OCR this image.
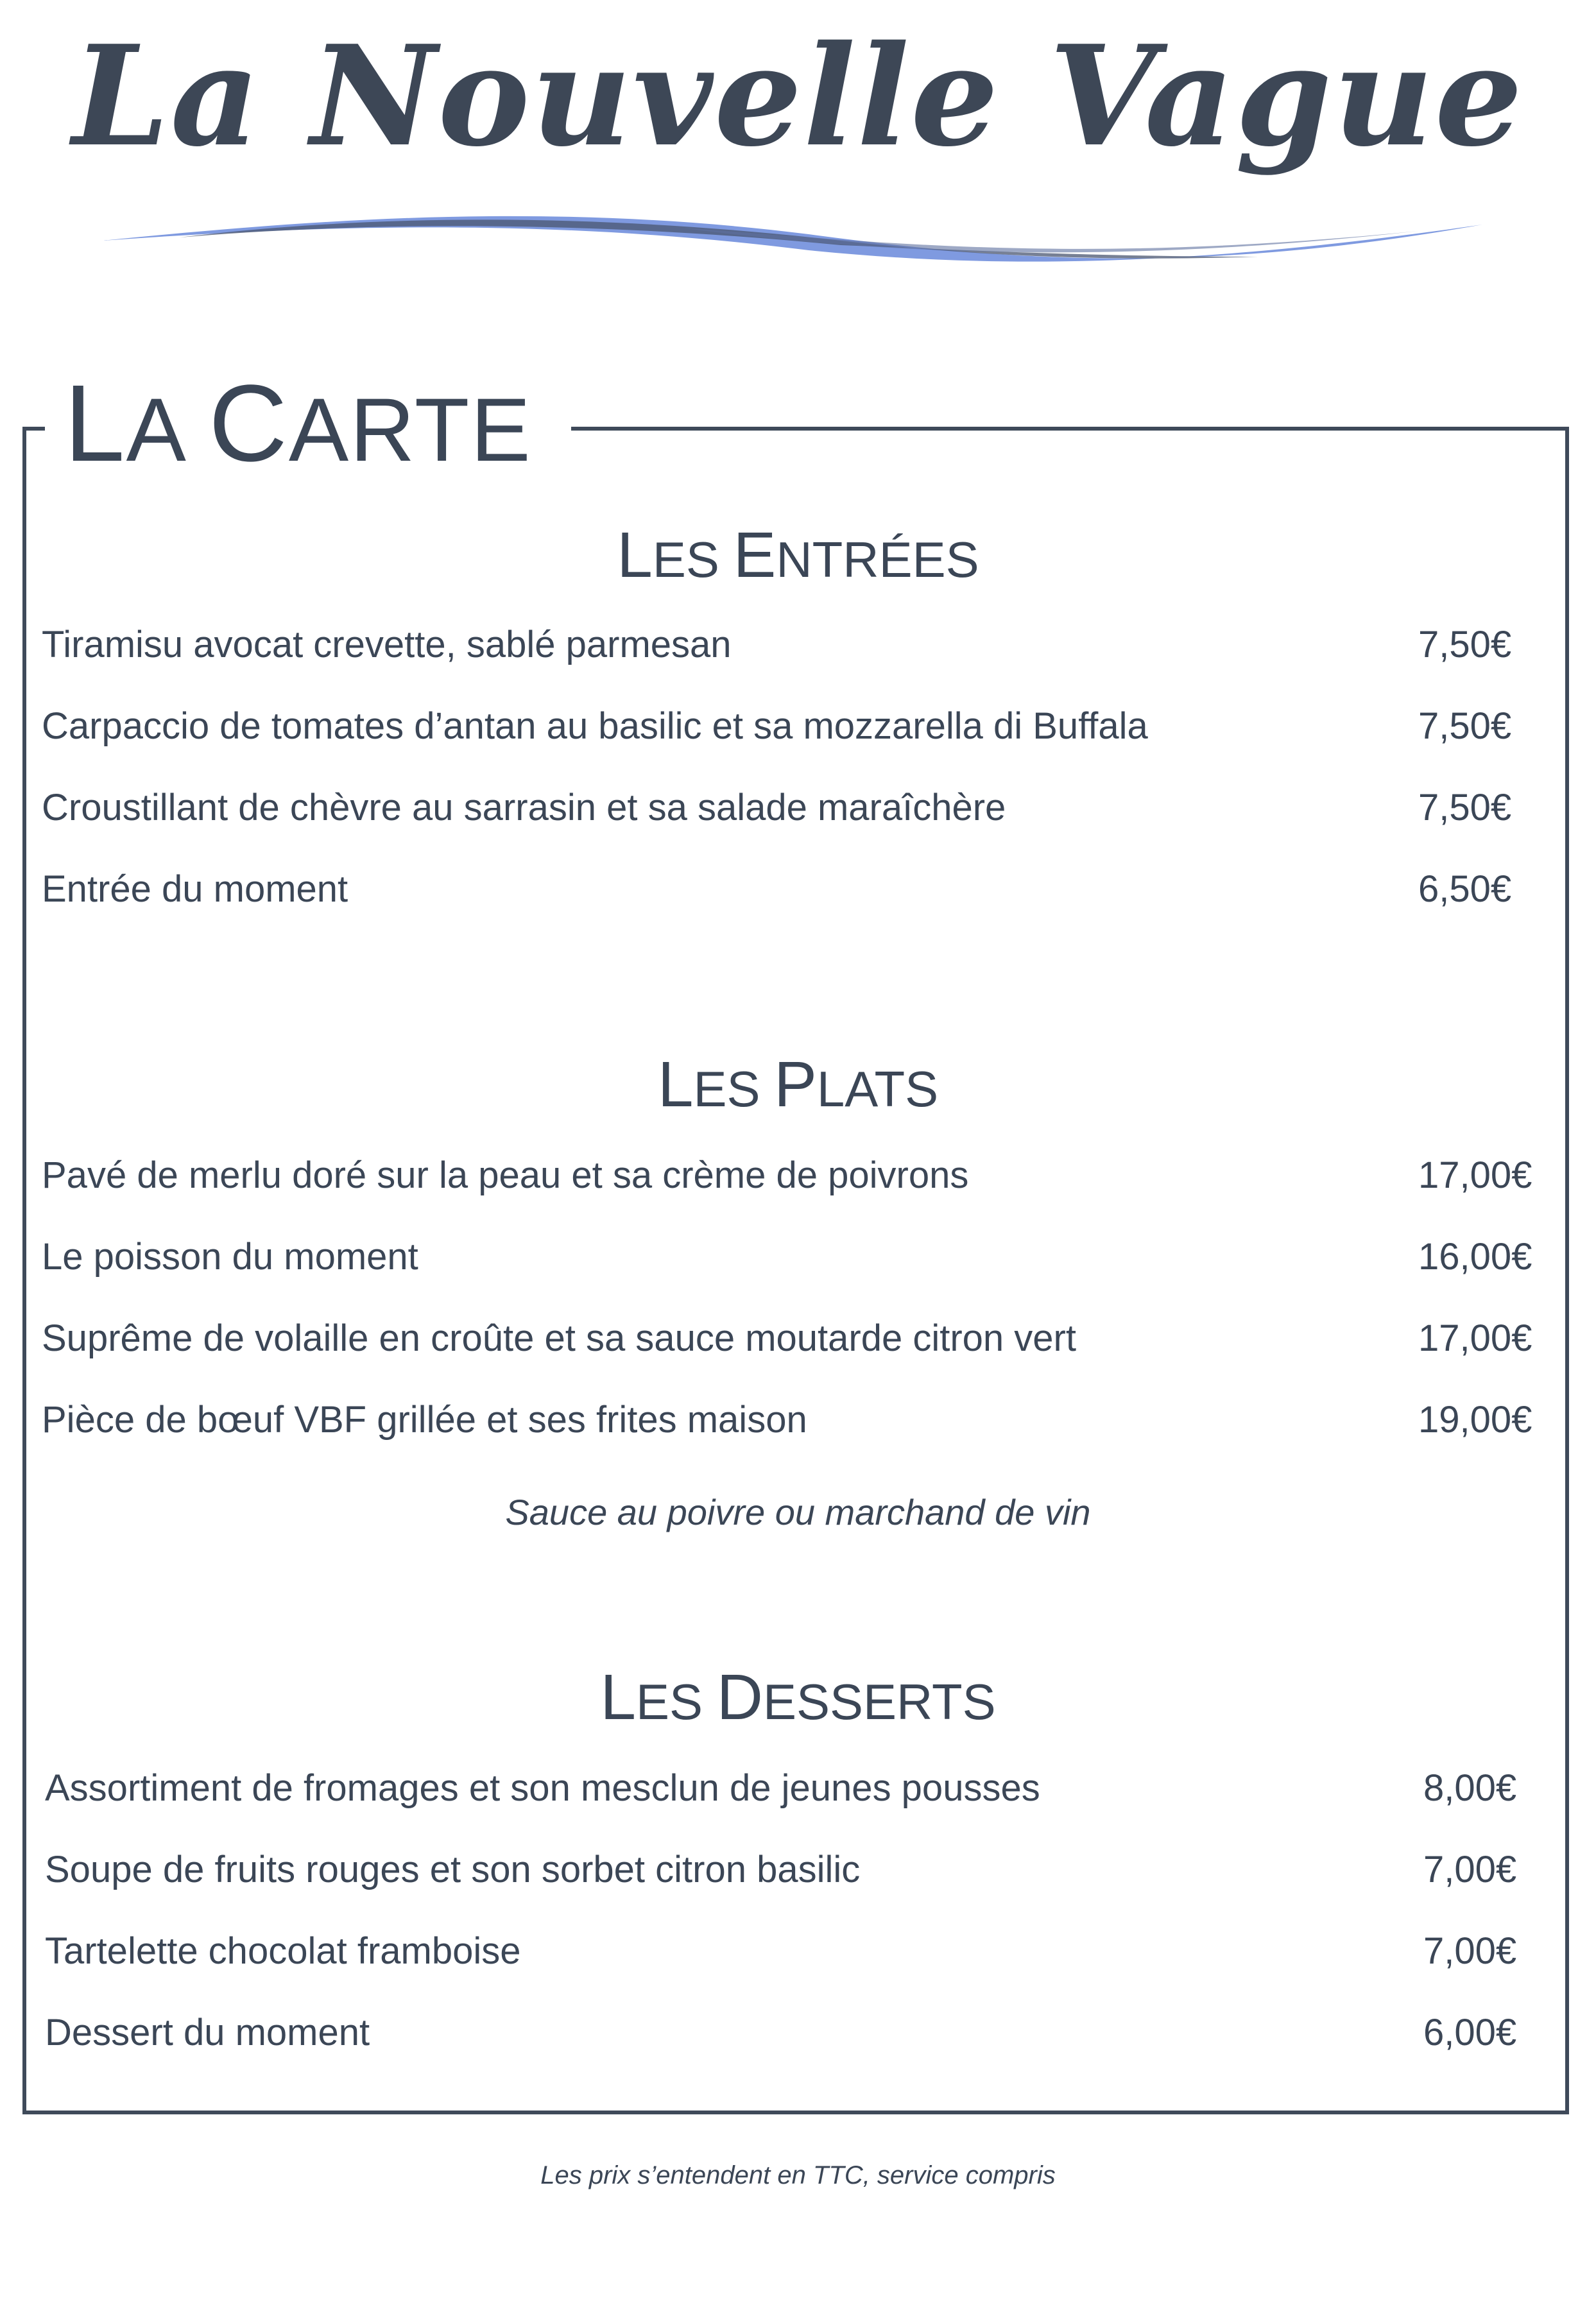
La Nouvelle Vague
LA CARTE
LES ENTRÉES
Tiramisu avocat crevette, sablé parmesan	7,50€
Carpaccio de tomates d’antan au basilic et sa mozzarella di Buffala	7,50€
Croustillant de chèvre au sarrasin et sa salade maraîchère	7,50€
Entrée du moment	6,50€
LES PLATS
Pavé de merlu doré sur la peau et sa crème de poivrons	17,00€
Le poisson du moment	16,00€
Suprême de volaille en croûte et sa sauce moutarde citron vert	17,00€
Pièce de bœuf VBF grillée et ses frites maison	19,00€
Sauce au poivre ou marchand de vin
LES DESSERTS
Assortiment de fromages et son mesclun de jeunes pousses	8,00€
Soupe de fruits rouges et son sorbet citron basilic	7,00€
Tartelette chocolat framboise	7,00€
Dessert du moment	6,00€
Les prix s’entendent en TTC, service compris
